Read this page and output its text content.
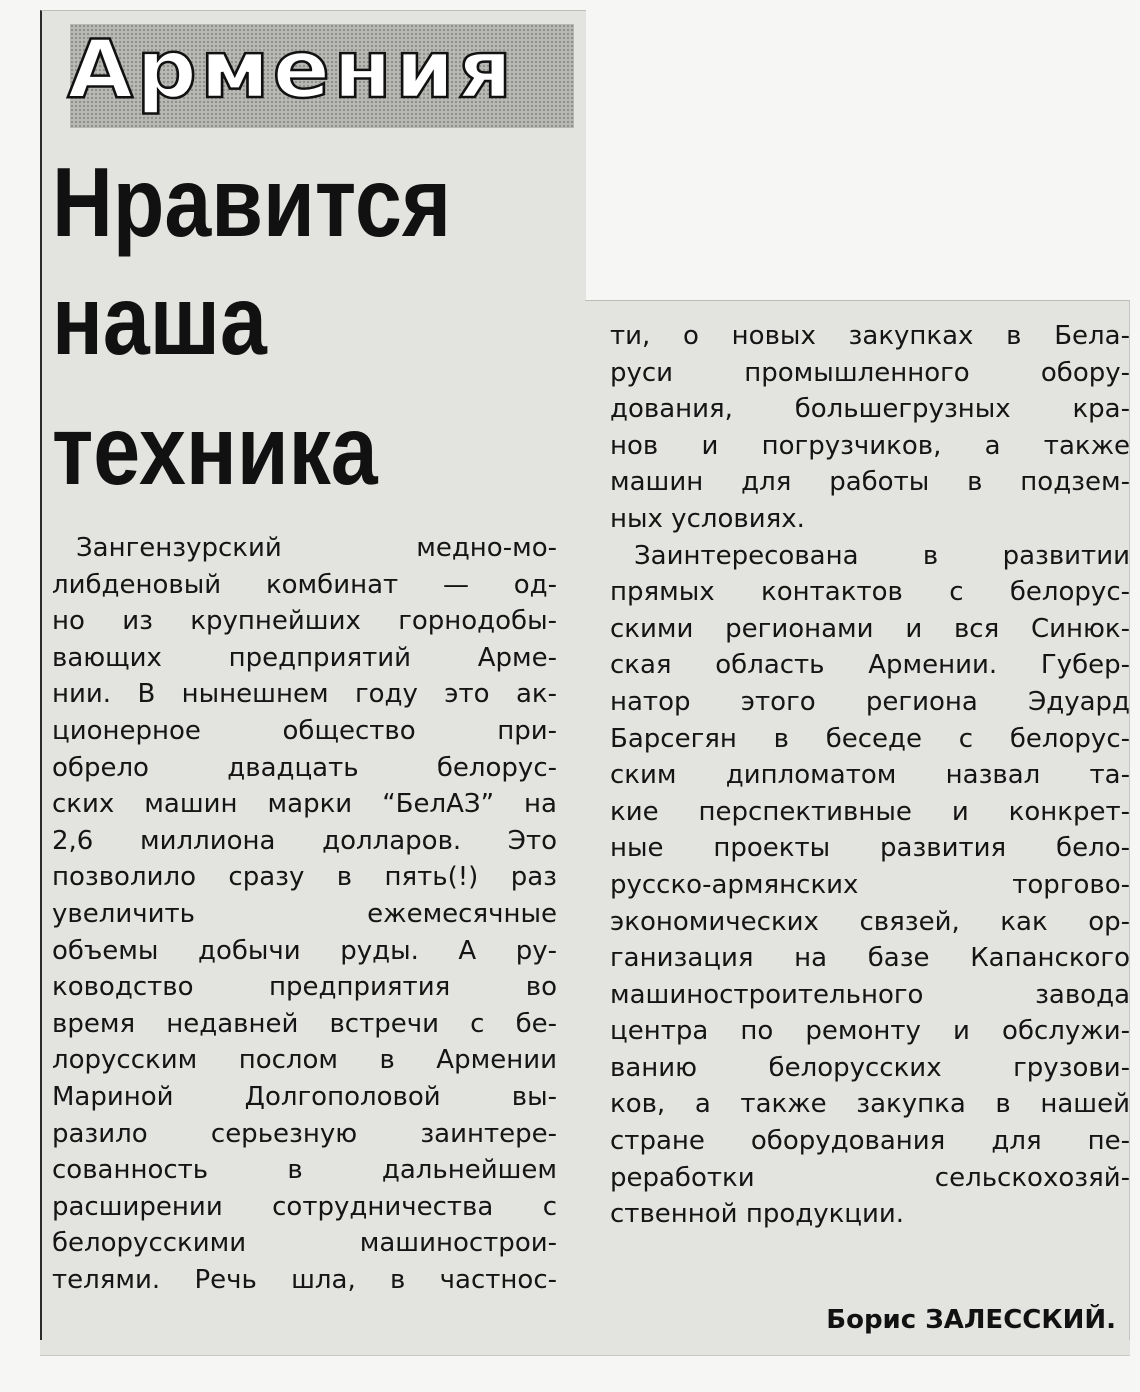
Армения
Нравится
наша
техника
Зангензурский медно-мо-
либденовый комбинат — од-
но из крупнейших горнодобы-
вающих предприятий Арме-
нии. В нынешнем году это ак-
ционерное общество при-
обрело двадцать белорус-
ских машин марки “БелАЗ” на
2,6 миллиона долларов. Это
позволило сразу в пять(!) раз
увеличить ежемесячные
объемы добычи руды. А ру-
ководство предприятия во
время недавней встречи с бе-
лорусским послом в Армении
Мариной Долгополовой вы-
разило серьезную заинтере-
сованность в дальнейшем
расширении сотрудничества с
белорусскими машинострои-
телями. Речь шла, в частнос-
ти, о новых закупках в Бела-
руси промышленного обору-
дования, большегрузных кра-
нов и погрузчиков, а также
машин для работы в подзем-
ных условиях.
Заинтересована в развитии
прямых контактов с белорус-
скими регионами и вся Синюк-
ская область Армении. Губер-
натор этого региона Эдуард
Барсегян в беседе с белорус-
ским дипломатом назвал та-
кие перспективные и конкрет-
ные проекты развития бело-
русско-армянских торгово-
экономических связей, как ор-
ганизация на базе Капанского
машиностроительного завода
центра по ремонту и обслужи-
ванию белорусских грузови-
ков, а также закупка в нашей
стране оборудования для пе-
реработки сельскохозяй-
ственной продукции.
Борис ЗАЛЕССКИЙ.
